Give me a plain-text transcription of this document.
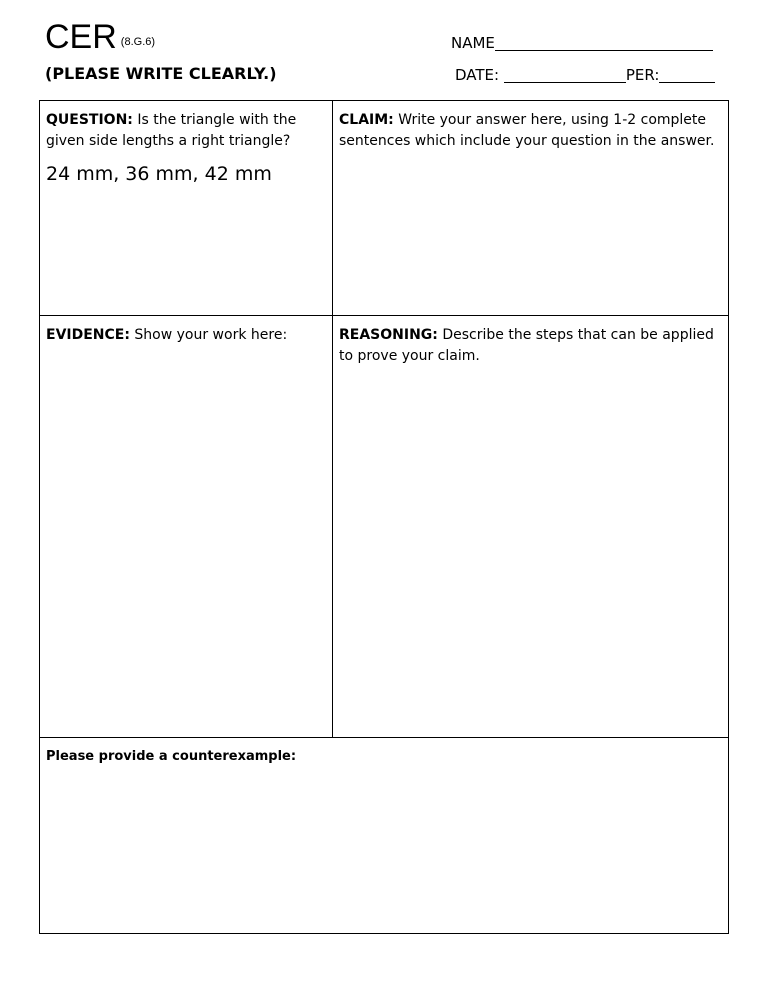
CER (8.G.6)
(PLEASE WRITE CLEARLY.)
NAME
DATE:	PER:
QUESTION: Is the triangle with the given side lengths a right triangle?
24 mm, 36 mm, 42 mm
CLAIM: Write your answer here, using 1-2 complete sentences which include your question in the answer.
EVIDENCE: Show your work here:	REASONING: Describe the steps that can be applied to prove your claim.
Please provide a counterexample:
